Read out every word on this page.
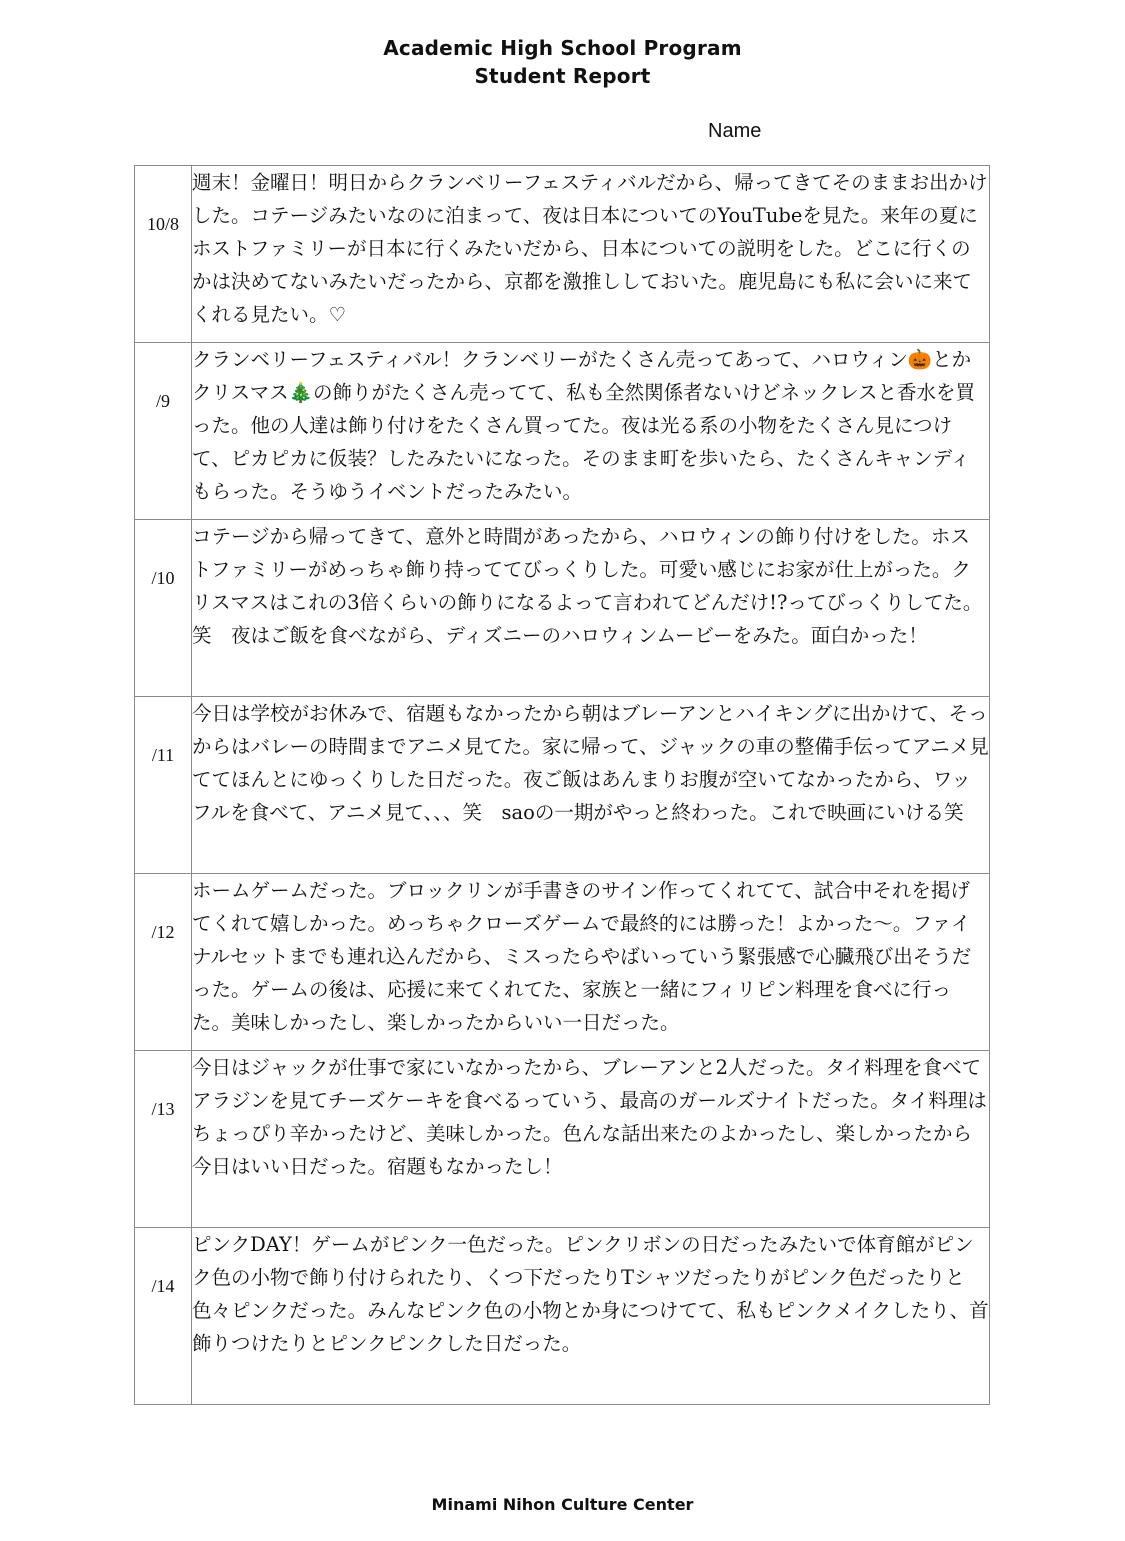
Academic High School Program
Student Report
Name
10/8	週末！金曜日！明日からクランベリーフェスティバルだから、帰ってきてそのままお出かけした。コテージみたいなのに泊まって、夜は日本についてのYouTubeを見た。来年の夏にホストファミリーが日本に行くみたいだから、日本についての説明をした。どこに行くのかは決めてないみたいだったから、京都を激推ししておいた。鹿児島にも私に会いに来てくれる見たい。♡

/9	クランベリーフェスティバル！クランベリーがたくさん売ってあって、ハロウィン🎃とかクリスマス🎄の飾りがたくさん売ってて、私も全然関係者ないけどネックレスと香水を買った。他の人達は飾り付けをたくさん買ってた。夜は光る系の小物をたくさん見につけて、ピカピカに仮装？したみたいになった。そのまま町を歩いたら、たくさんキャンディもらった。そうゆうイベントだったみたい。

/10	コテージから帰ってきて、意外と時間があったから、ハロウィンの飾り付けをした。ホストファミリーがめっちゃ飾り持っててびっくりした。可愛い感じにお家が仕上がった。クリスマスはこれの3倍くらいの飾りになるよって言われてどんだけ!?ってびっくりしてた。笑　夜はご飯を食べながら、ディズニーのハロウィンムービーをみた。面白かった！

/11	今日は学校がお休みで、宿題もなかったから朝はブレーアンとハイキングに出かけて、そっからはバレーの時間までアニメ見てた。家に帰って、ジャックの車の整備手伝ってアニメ見ててほんとにゆっくりした日だった。夜ご飯はあんまりお腹が空いてなかったから、ワッフルを食べて、アニメ見て、、、笑　saoの一期がやっと終わった。これで映画にいける笑

/12	ホームゲームだった。ブロックリンが手書きのサイン作ってくれてて、試合中それを掲げてくれて嬉しかった。めっちゃクローズゲームで最終的には勝った！よかった〜。ファイナルセットまでも連れ込んだから、ミスったらやばいっていう緊張感で心臓飛び出そうだった。ゲームの後は、応援に来てくれてた、家族と一緒にフィリピン料理を食べに行った。美味しかったし、楽しかったからいい一日だった。

/13	今日はジャックが仕事で家にいなかったから、ブレーアンと2人だった。タイ料理を食べてアラジンを見てチーズケーキを食べるっていう、最高のガールズナイトだった。タイ料理はちょっぴり辛かったけど、美味しかった。色んな話出来たのよかったし、楽しかったから今日はいい日だった。宿題もなかったし！

/14	ピンクDAY！ゲームがピンク一色だった。ピンクリボンの日だったみたいで体育館がピンク色の小物で飾り付けられたり、くつ下だったりTシャツだったりがピンク色だったりと色々ピンクだった。みんなピンク色の小物とか身につけてて、私もピンクメイクしたり、首飾りつけたりとピンクピンクした日だった。
Minami Nihon Culture Center
